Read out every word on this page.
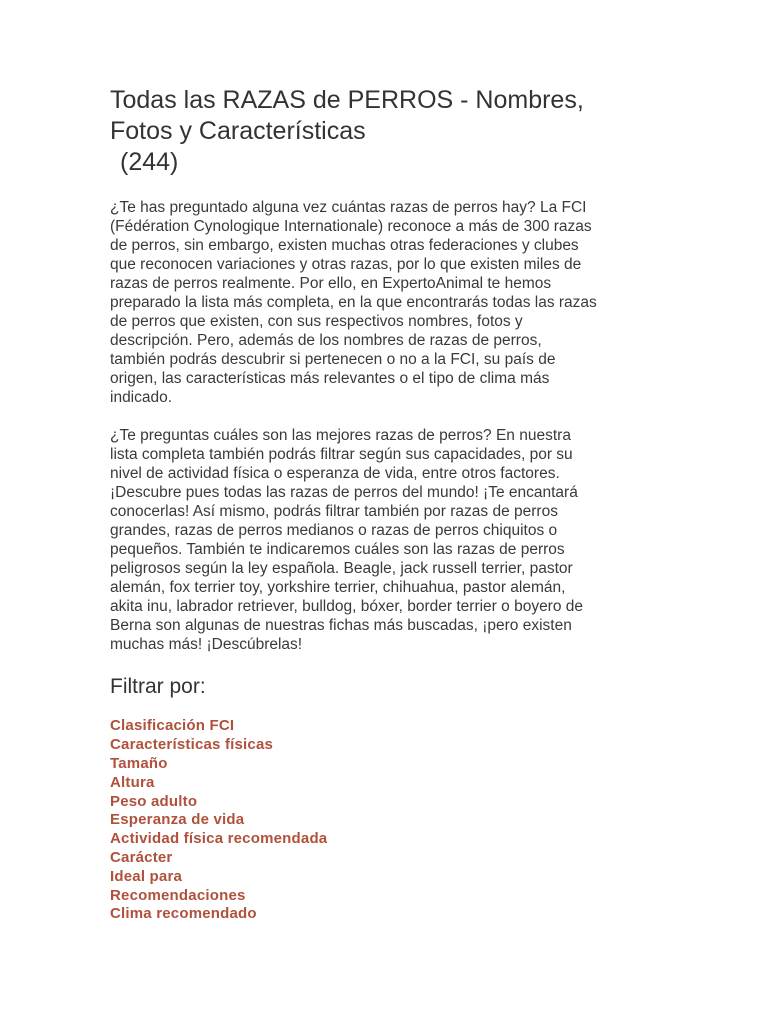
Todas las RAZAS de PERROS - Nombres,
Fotos y Características
(244)

¿Te has preguntado alguna vez cuántas razas de perros hay? La FCI

(Fédération Cynologique Internationale) reconoce a más de 300 razas

de perros, sin embargo, existen muchas otras federaciones y clubes

que reconocen variaciones y otras razas, por lo que existen miles de

razas de perros realmente. Por ello, en ExpertoAnimal te hemos

preparado la lista más completa, en la que encontrarás todas las razas

de perros que existen, con sus respectivos nombres, fotos y

descripción. Pero, además de los nombres de razas de perros,

también podrás descubrir si pertenecen o no a la FCI, su país de

origen, las características más relevantes o el tipo de clima más

indicado.

¿Te preguntas cuáles son las mejores razas de perros? En nuestra

lista completa también podrás filtrar según sus capacidades, por su

nivel de actividad física o esperanza de vida, entre otros factores.

¡Descubre pues todas las razas de perros del mundo! ¡Te encantará

conocerlas! Así mismo, podrás filtrar también por razas de perros

grandes, razas de perros medianos o razas de perros chiquitos o

pequeños. También te indicaremos cuáles son las razas de perros

peligrosos según la ley española. Beagle, jack russell terrier, pastor

alemán, fox terrier toy, yorkshire terrier, chihuahua, pastor alemán,

akita inu, labrador retriever, bulldog, bóxer, border terrier o boyero de

Berna son algunas de nuestras fichas más buscadas, ¡pero existen

muchas más! ¡Descúbrelas!

Filtrar por:
Clasificación FCI
Características físicas
Tamaño
Altura
Peso adulto
Esperanza de vida
Actividad física recomendada
Carácter
Ideal para
Recomendaciones
Clima recomendado
